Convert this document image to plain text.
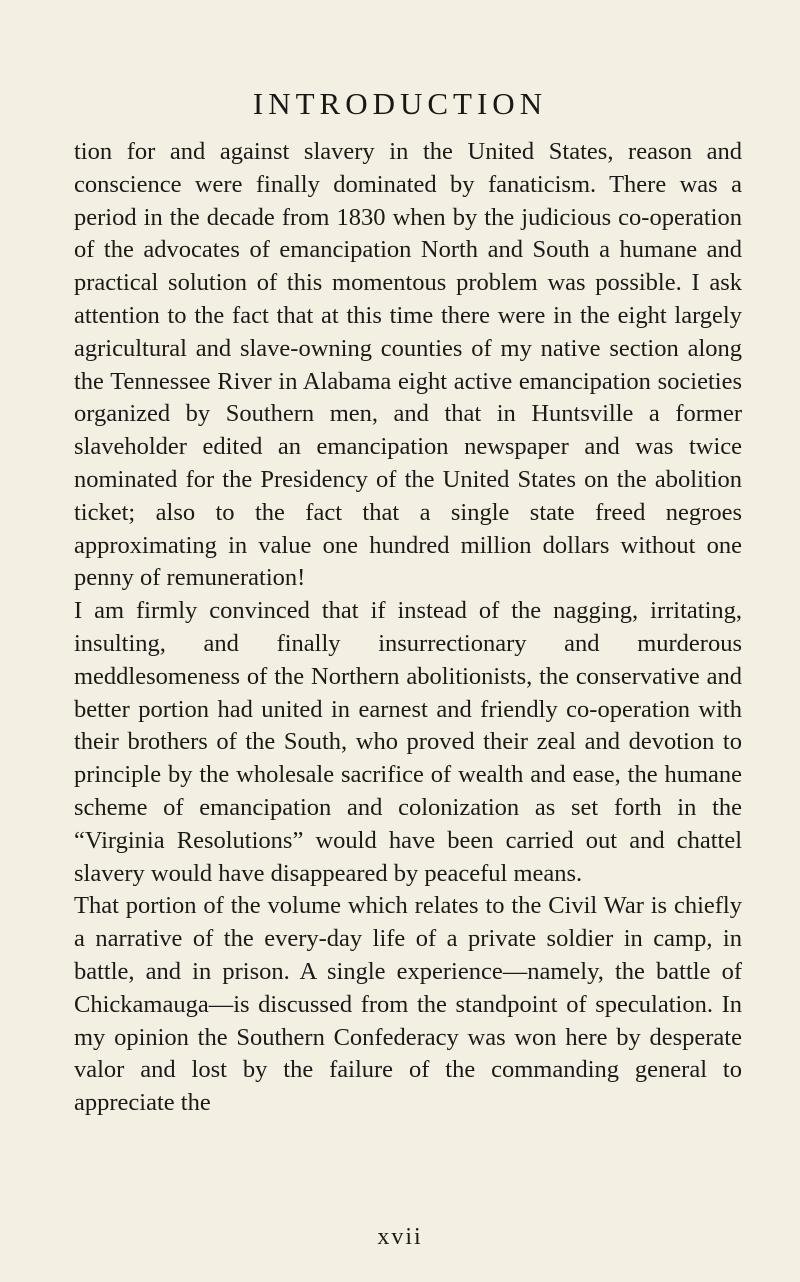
INTRODUCTION

tion for and against slavery in the United States, reason and conscience were finally dominated by fanaticism. There was a period in the decade from 1830 when by the judicious co-operation of the advocates of emancipation North and South a humane and practical solution of this momentous problem was possible. I ask attention to the fact that at this time there were in the eight largely agricultural and slave-owning counties of my native section along the Tennessee River in Alabama eight active emancipation societies organized by Southern men, and that in Huntsville a former slaveholder edited an emancipation newspaper and was twice nominated for the Presidency of the United States on the abolition ticket; also to the fact that a single state freed negroes approximating in value one hundred million dollars without one penny of remuneration!

I am firmly convinced that if instead of the nagging, irritating, insulting, and finally insurrectionary and murderous meddlesomeness of the Northern abolitionists, the conservative and better portion had united in earnest and friendly co-operation with their brothers of the South, who proved their zeal and devotion to principle by the wholesale sacrifice of wealth and ease, the humane scheme of emancipation and colonization as set forth in the “Virginia Resolutions” would have been carried out and chattel slavery would have disappeared by peaceful means.

That portion of the volume which relates to the Civil War is chiefly a narrative of the every-day life of a private soldier in camp, in battle, and in prison. A single experience—namely, the battle of Chickamauga—is discussed from the standpoint of speculation. In my opinion the Southern Confederacy was won here by desperate valor and lost by the failure of the commanding general to appreciate the

xvii
